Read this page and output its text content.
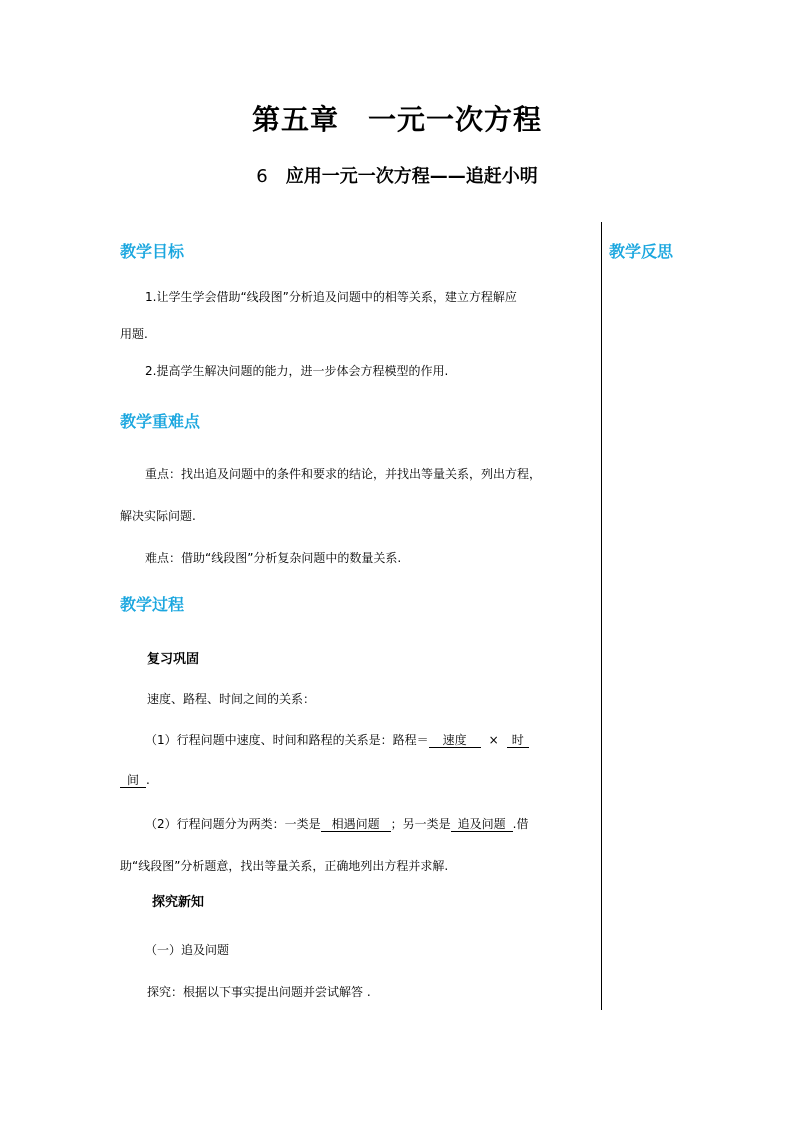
第五章　一元一次方程
6 应用一元一次方程——追赶小明
教学反思
教学目标
1.让学生学会借助“线段图”分析追及问题中的相等关系，建立方程解应
用题.
2.提高学生解决问题的能力，进一步体会方程模型的作用.
教学重难点
重点：找出追及问题中的条件和要求的结论，并找出等量关系，列出方程，
解决实际问题.
难点：借助“线段图”分析复杂问题中的数量关系.
教学过程
复习巩固
速度、路程、时间之间的关系：
（1）行程问题中速度、时间和路程的关系是：路程＝ 速度 × 时
间 .
（2）行程问题分为两类：一类是 相遇问题 ；另一类是 追及问题 .借
助“线段图”分析题意，找出等量关系，正确地列出方程并求解.
探究新知
（一）追及问题
探究：根据以下事实提出问题并尝试解答 .
